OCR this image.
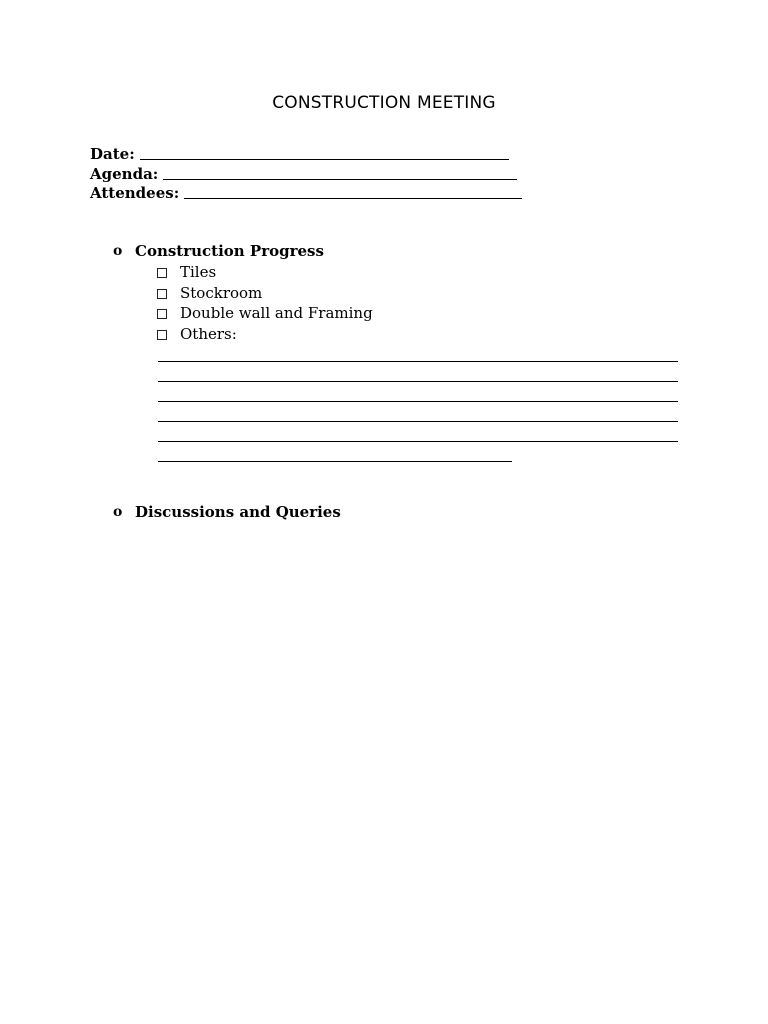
CONSTRUCTION MEETING
Date:
Agenda:
Attendees:
o Construction Progress
Tiles
Stockroom
Double wall and Framing
Others:
o Discussions and Queries
